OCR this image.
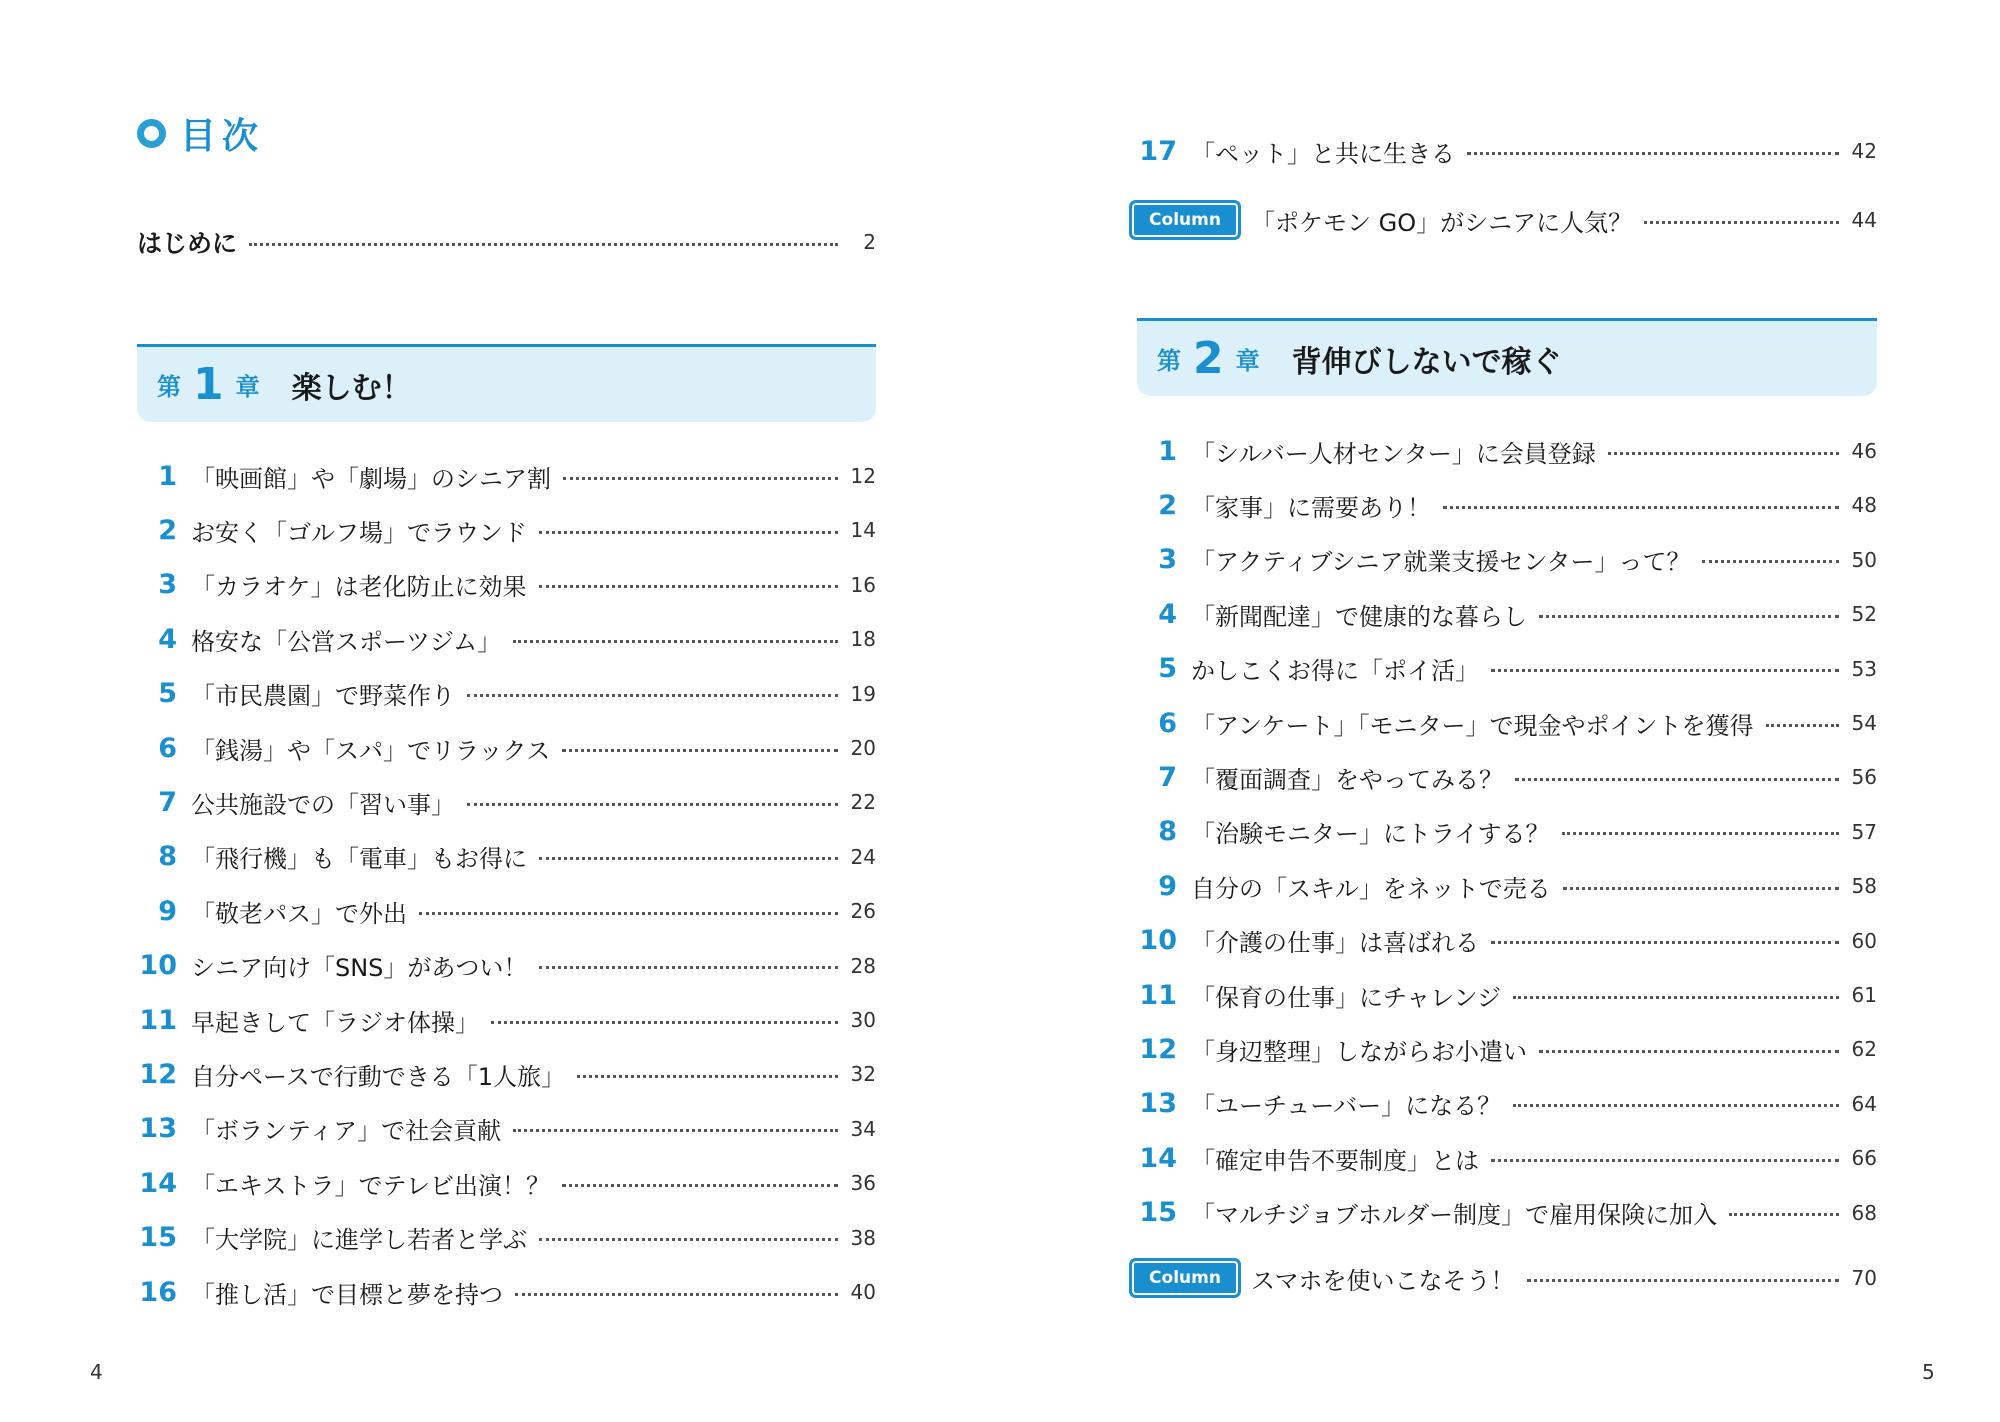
目次
はじめに	2
第 1 章 楽しむ！
1 「映画館」や「劇場」のシニア割	12
2 お安く「ゴルフ場」でラウンド	14
3 「カラオケ」は老化防止に効果	16
4 格安な「公営スポーツジム」	18
5 「市民農園」で野菜作り	19
6 「銭湯」や「スパ」でリラックス	20
7 公共施設での「習い事」	22
8 「飛行機」も「電車」もお得に	24
9 「敬老パス」で外出	26
10 シニア向け「SNS」があつい！	28
11 早起きして「ラジオ体操」	30
12 自分ペースで行動できる「1人旅」	32
13 「ボランティア」で社会貢献	34
14 「エキストラ」でテレビ出演！？	36
15 「大学院」に進学し若者と学ぶ	38
16 「推し活」で目標と夢を持つ	40
4
17 「ペット」と共に生きる	42
Column	「ポケモン GO」がシニアに人気？	44
第 2 章 背伸びしないで稼ぐ
1 「シルバー人材センター」に会員登録	46
2 「家事」に需要あり！	48
3 「アクティブシニア就業支援センター」って？	50
4 「新聞配達」で健康的な暮らし	52
5 かしこくお得に「ポイ活」	53
6 「アンケート」「モニター」で現金やポイントを獲得	54
7 「覆面調査」をやってみる？	56
8 「治験モニター」にトライする？	57
9 自分の「スキル」をネットで売る	58
10 「介護の仕事」は喜ばれる	60
11 「保育の仕事」にチャレンジ	61
12 「身辺整理」しながらお小遣い	62
13 「ユーチューバー」になる？	64
14 「確定申告不要制度」とは	66
15 「マルチジョブホルダー制度」で雇用保険に加入	68
Column	スマホを使いこなそう！	70
5
